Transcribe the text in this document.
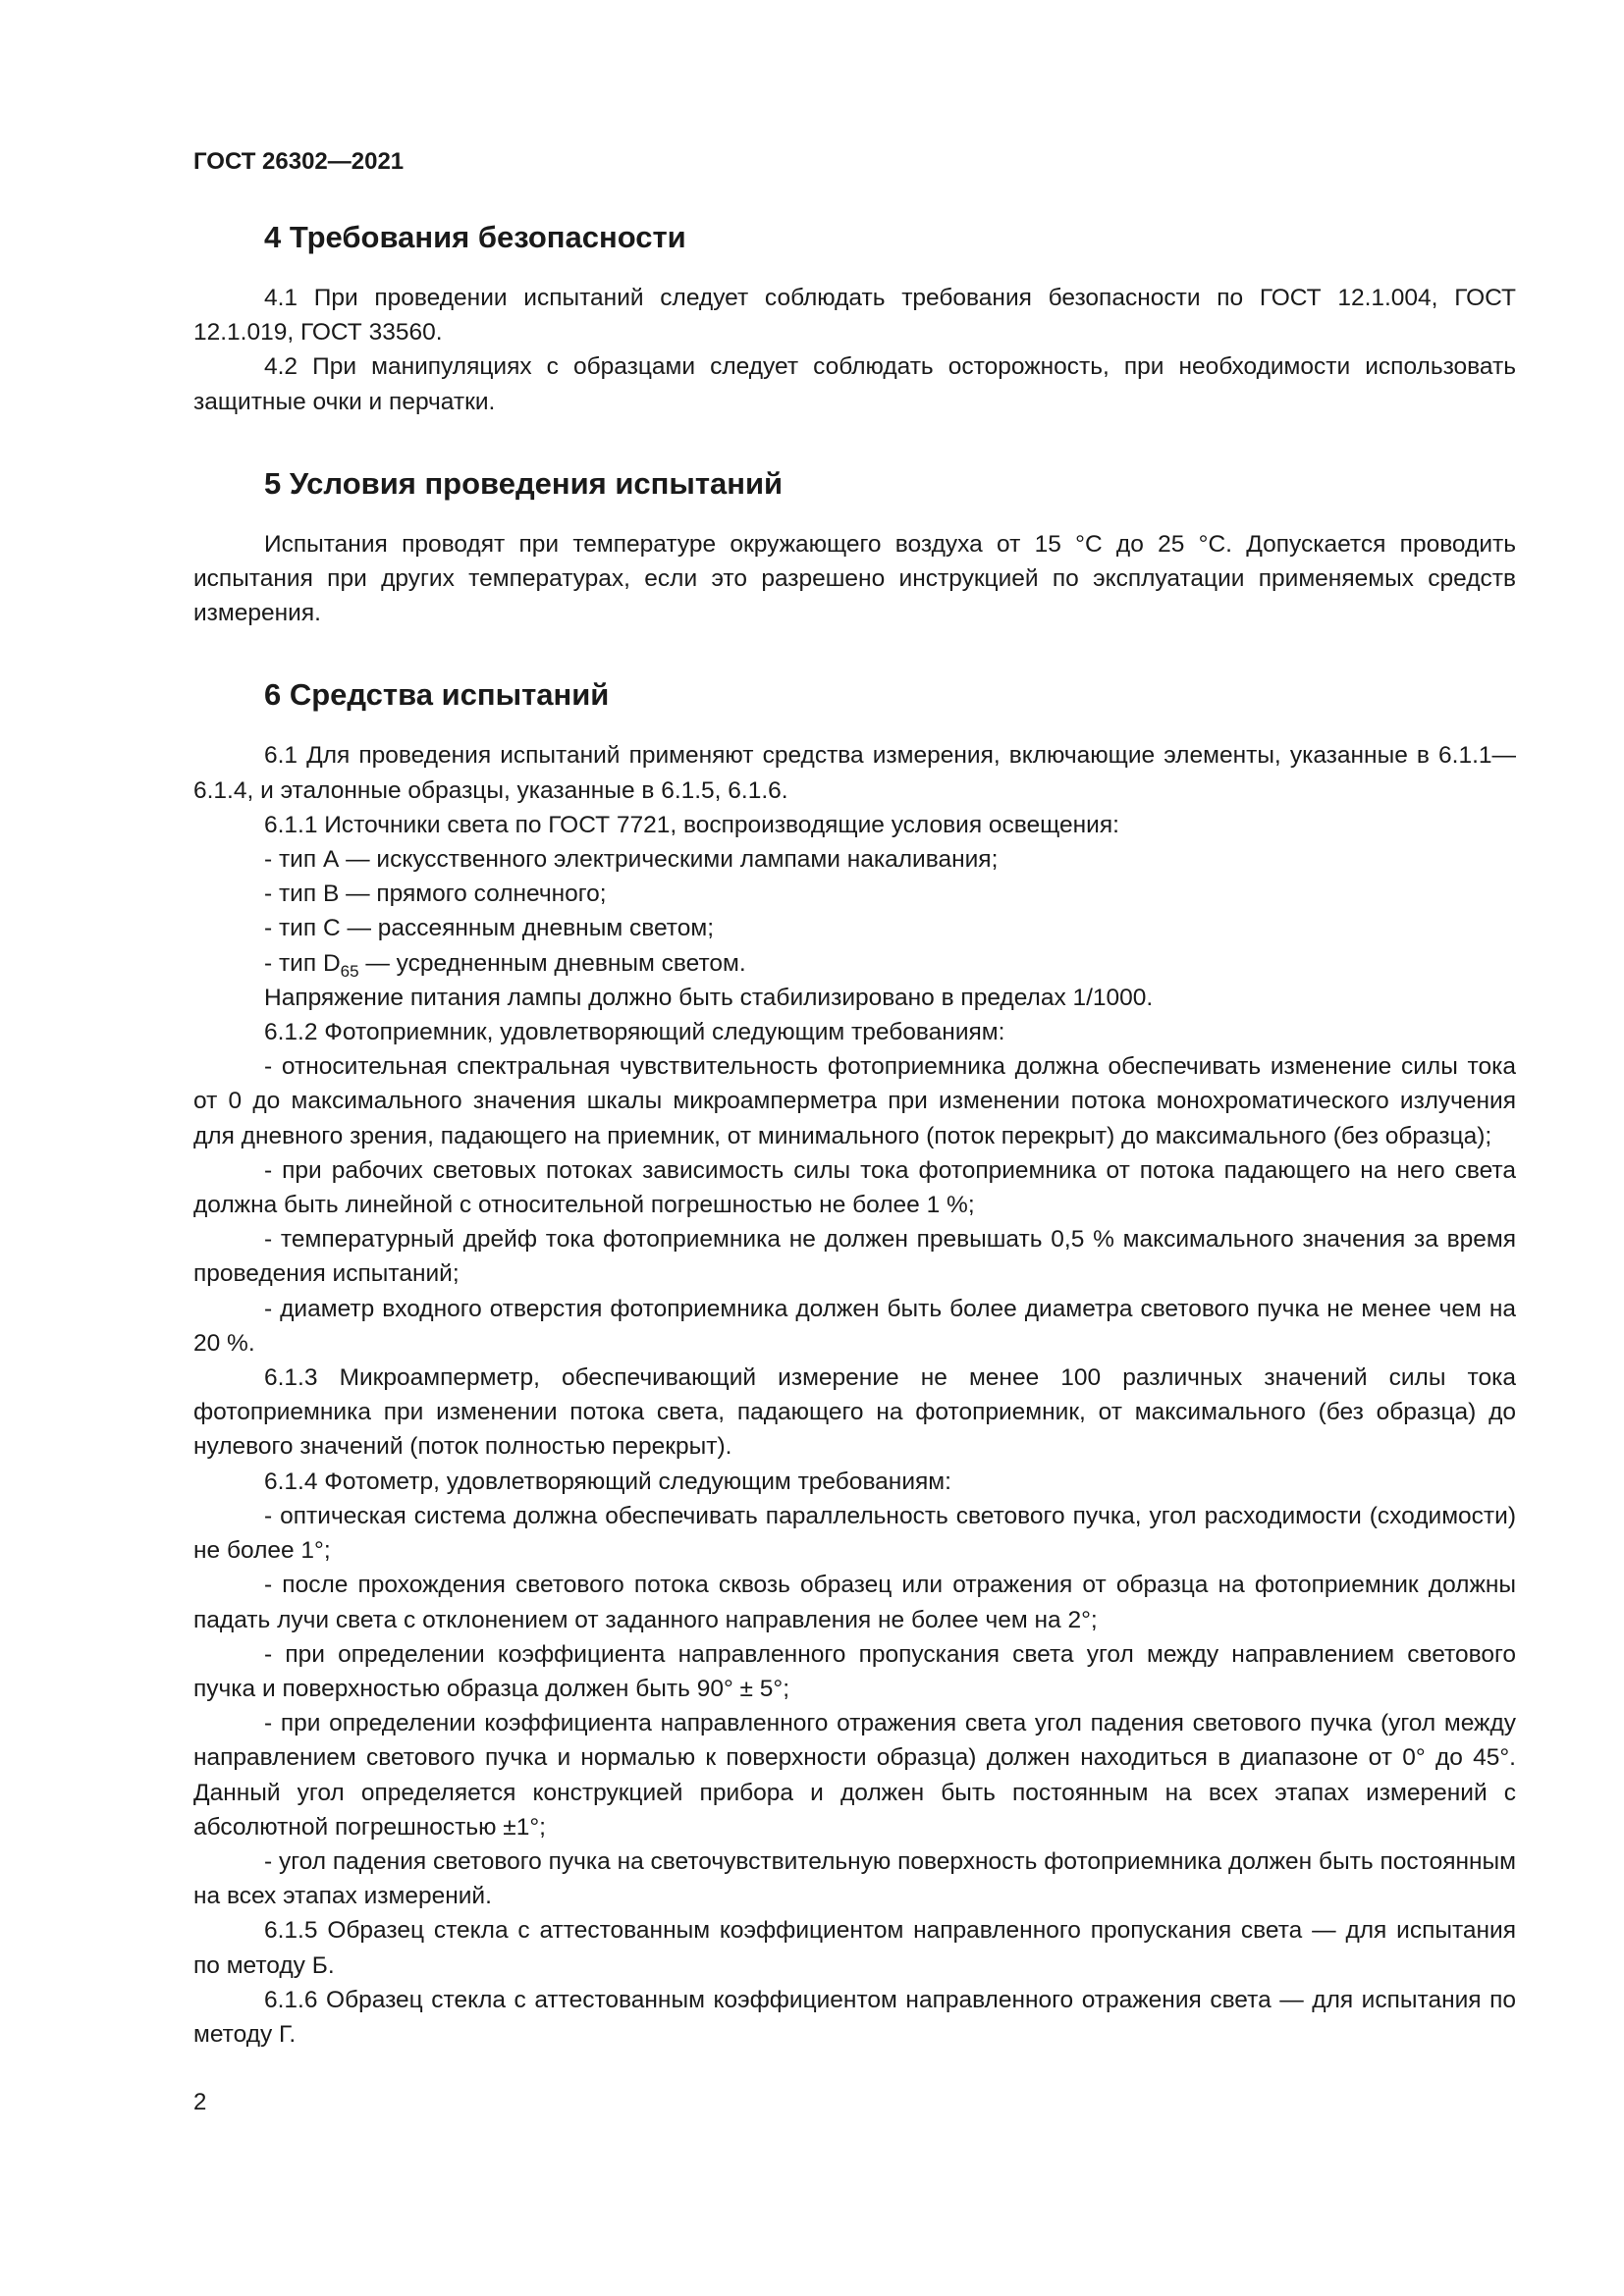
ГОСТ 26302—2021
4 Требования безопасности

4.1 При проведении испытаний следует соблюдать требования безопасности по ГОСТ 12.1.004, ГОСТ 12.1.019, ГОСТ 33560.

4.2 При манипуляциях с образцами следует соблюдать осторожность, при необходимости использовать защитные очки и перчатки.

5 Условия проведения испытаний

Испытания проводят при температуре окружающего воздуха от 15 °C до 25 °C. Допускается проводить испытания при других температурах, если это разрешено инструкцией по эксплуатации применяемых средств измерения.

6 Средства испытаний

6.1 Для проведения испытаний применяют средства измерения, включающие элементы, указанные в 6.1.1—6.1.4, и эталонные образцы, указанные в 6.1.5, 6.1.6.

6.1.1 Источники света по ГОСТ 7721, воспроизводящие условия освещения:

- тип А — искусственного электрическими лампами накаливания;

- тип В — прямого солнечного;

- тип С — рассеянным дневным светом;

- тип $D_{65}$ — усредненным дневным светом.

Напряжение питания лампы должно быть стабилизировано в пределах 1/1000.

6.1.2 Фотоприемник, удовлетворяющий следующим требованиям:

- относительная спектральная чувствительность фотоприемника должна обеспечивать изменение силы тока от 0 до максимального значения шкалы микроамперметра при изменении потока монохроматического излучения для дневного зрения, падающего на приемник, от минимального (поток перекрыт) до максимального (без образца);

- при рабочих световых потоках зависимость силы тока фотоприемника от потока падающего на него света должна быть линейной с относительной погрешностью не более 1 %;

- температурный дрейф тока фотоприемника не должен превышать 0,5 % максимального значения за время проведения испытаний;

- диаметр входного отверстия фотоприемника должен быть более диаметра светового пучка не менее чем на 20 %.

6.1.3 Микроамперметр, обеспечивающий измерение не менее 100 различных значений силы тока фотоприемника при изменении потока света, падающего на фотоприемник, от максимального (без образца) до нулевого значений (поток полностью перекрыт).

6.1.4 Фотометр, удовлетворяющий следующим требованиям:

- оптическая система должна обеспечивать параллельность светового пучка, угол расходимости (сходимости) не более 1°;

- после прохождения светового потока сквозь образец или отражения от образца на фотоприемник должны падать лучи света с отклонением от заданного направления не более чем на 2°;

- при определении коэффициента направленного пропускания света угол между направлением светового пучка и поверхностью образца должен быть 90° ± 5°;

- при определении коэффициента направленного отражения света угол падения светового пучка (угол между направлением светового пучка и нормалью к поверхности образца) должен находиться в диапазоне от 0° до 45°. Данный угол определяется конструкцией прибора и должен быть постоянным на всех этапах измерений с абсолютной погрешностью ±1°;

- угол падения светового пучка на светочувствительную поверхность фотоприемника должен быть постоянным на всех этапах измерений.

6.1.5 Образец стекла с аттестованным коэффициентом направленного пропускания света — для испытания по методу Б.

6.1.6 Образец стекла с аттестованным коэффициентом направленного отражения света — для испытания по методу Г.

2
